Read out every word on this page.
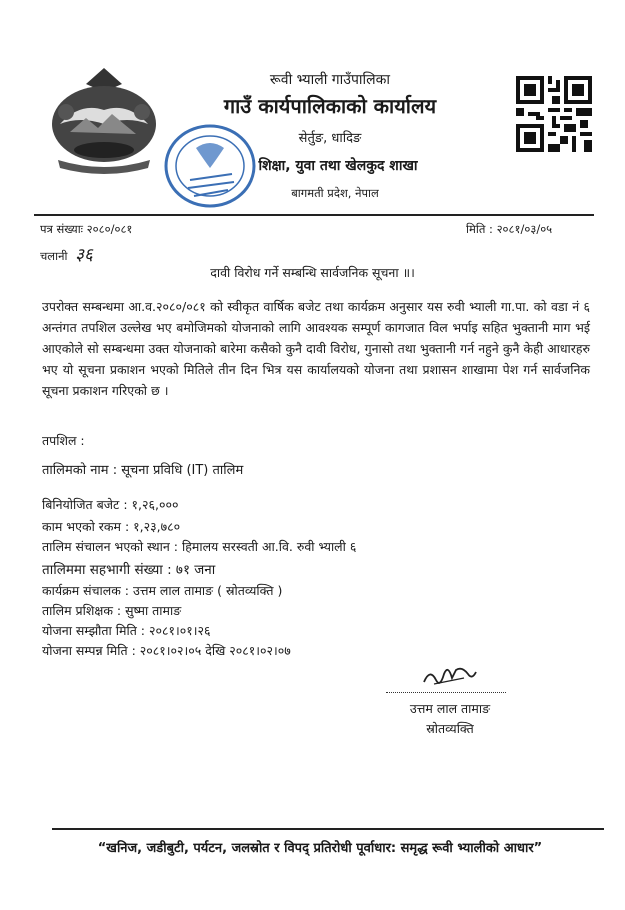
रूवी भ्याली गाउँपालिका
गाउँ कार्यपालिकाको कार्यालय
सेर्तुङ, धादिङ
शिक्षा, युवा तथा खेलकुद शाखा
बागमती प्रदेश, नेपाल
पत्र संख्याः २०८०/०८१
चलानी ३६
मिति : २०८१/०३/०५
दावी विरोध गर्ने सम्बन्धि सार्वजनिक सूचना ॥।
उपरोक्त सम्बन्धमा आ.व.२०८०/०८१ को स्वीकृत वार्षिक बजेट तथा कार्यक्रम अनुसार यस रुवी भ्याली गा.पा. को वडा नं ६ अन्तंगत तपशिल उल्लेख भए बमोजिमको योजनाको लागि आवश्यक सम्पूर्ण कागजात विल भर्पाइ सहित भुक्तानी माग भई आएकोले सो सम्बन्धमा उक्त योजनाको बारेमा कसैको कुनै दावी विरोध, गुनासो तथा भुक्तानी गर्न नहुने कुनै केही आधारहरु भए यो सूचना प्रकाशन भएको मितिले तीन दिन भित्र यस कार्यालयको योजना तथा प्रशासन शाखामा पेश गर्न सार्वजनिक सूचना प्रकाशन गरिएको छ ।
तपशिल :
तालिमको नाम : सूचना प्रविधि (IT) तालिम
बिनियोजित बजेट : १,२६,०००
काम भएको रकम : १,२३,७८०
तालिम संचालन भएको स्थान : हिमालय सरस्वती आ.वि. रुवी भ्याली ६
तालिममा सहभागी संख्या : ७१ जना
कार्यक्रम संचालक : उत्तम लाल तामाङ ( स्रोतव्यक्ति )
तालिम प्रशिक्षक : सुष्मा तामाङ
योजना सम्झौता मिति : २०८१।०१।२६
योजना सम्पन्न मिति : २०८१।०२।०५ देखि २०८१।०२।०७
उत्तम लाल तामाङ
स्रोतव्यक्ति
“खनिज, जडीबुटी, पर्यटन, जलस्रोत र विपद् प्रतिरोधी पूर्वाधार: समृद्ध रूवी भ्यालीको आधार”
